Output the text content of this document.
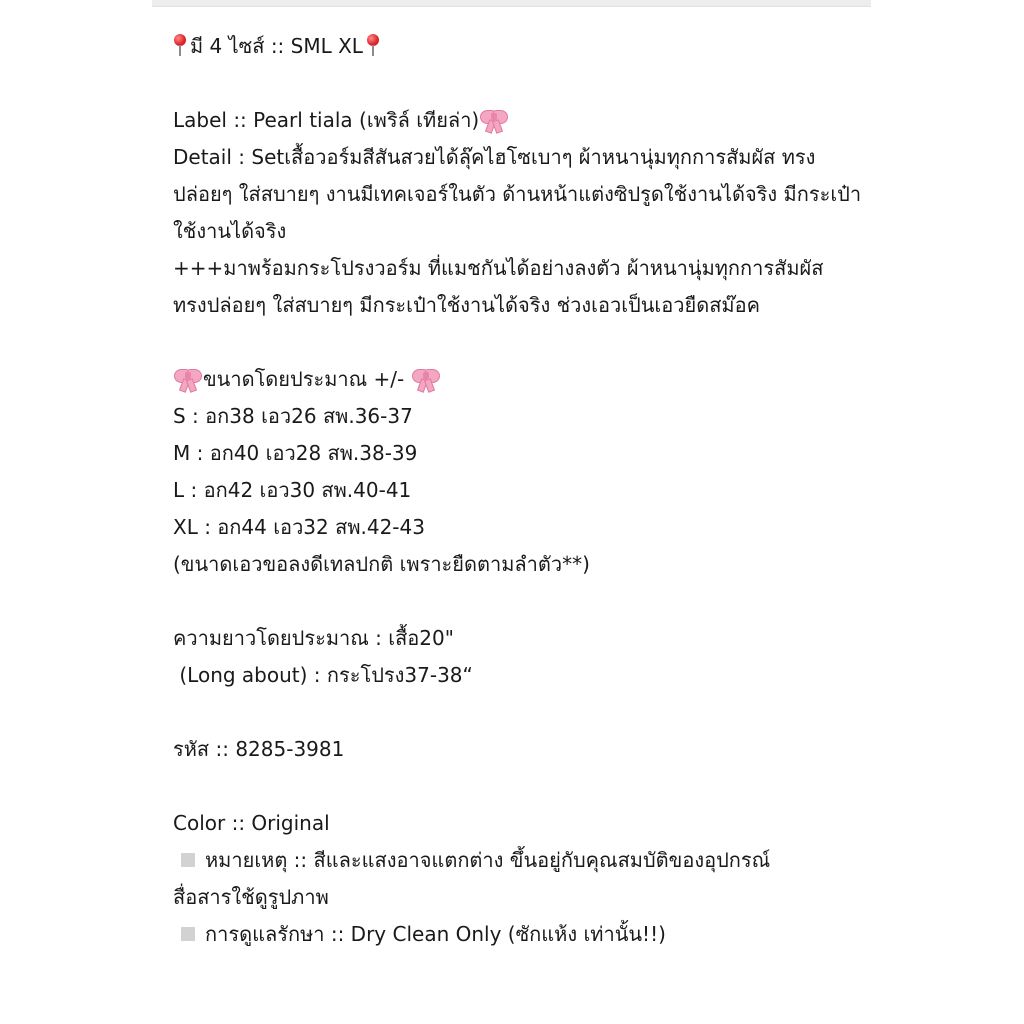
มี 4 ไซส์ :: SML XL
Label :: Pearl tiala (เพริล์ เทียล่า)
Detail : Setเสื้อวอร์มสีสันสวยได้ลุ๊คไฮโซเบาๆ ผ้าหนานุ่มทุกการสัมผัส ทรงปล่อยๆ ใส่สบายๆ งานมีเทคเจอร์ในตัว ด้านหน้าแต่งซิปรูดใช้งานได้จริง มีกระเป๋าใช้งานได้จริง
+++มาพร้อมกระโปรงวอร์ม ที่แมชกันได้อย่างลงตัว ผ้าหนานุ่มทุกการสัมผัส ทรงปล่อยๆ ใส่สบายๆ มีกระเป๋าใช้งานได้จริง ช่วงเอวเป็นเอวยืดสม๊อค
ขนาดโดยประมาณ +/-
S : อก38 เอว26 สพ.36-37
M : อก40 เอว28 สพ.38-39
L : อก42 เอว30 สพ.40-41
XL : อก44 เอว32 สพ.42-43
(ขนาดเอวขอลงดีเทลปกติ เพราะยืดตามลำตัว**)
ความยาวโดยประมาณ : เสื้อ20"
(Long about) : กระโปรง37-38“
รหัส :: 8285-3981
Color :: Original
หมายเหตุ :: สีและแสงอาจแตกต่าง ขึ้นอยู่กับคุณสมบัติของอุปกรณ์
สื่อสารใช้ดูรูปภาพ
การดูแลรักษา :: Dry Clean Only (ซักแห้ง เท่านั้น!!)
